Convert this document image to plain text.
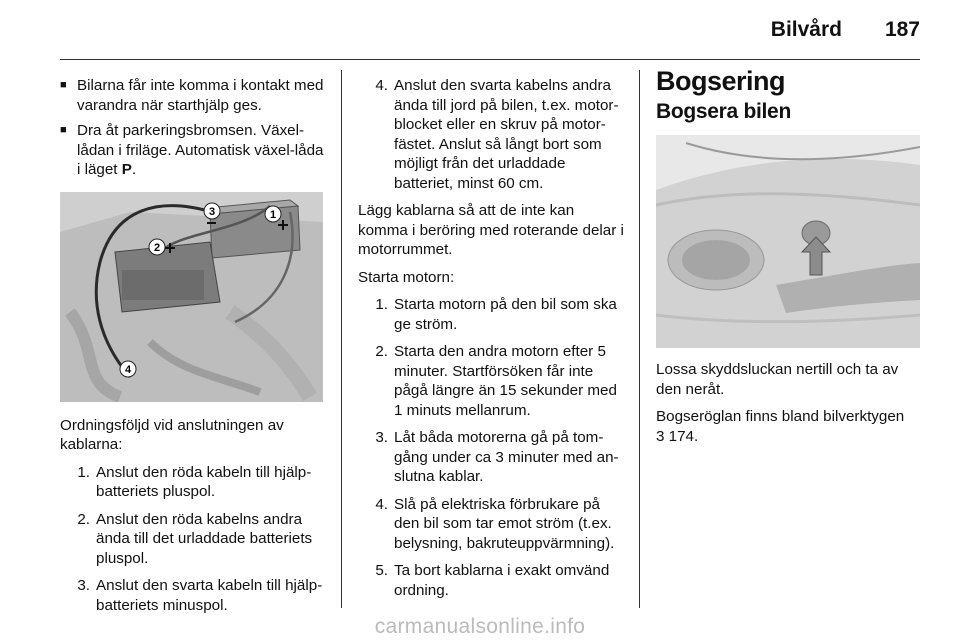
Bilvård 187
■ Bilarna får inte komma i kontakt med varandra när starthjälp ges.
■ Dra åt parkeringsbromsen. Växel-lådan i friläge. Automatisk växel-låda i läget P.
3	1
2
4

Ordningsföljd vid anslutningen av kablarna:

1. Anslut den röda kabeln till hjälp-batteriets pluspol.
2. Anslut den röda kabelns andra ända till det urladdade batteriets pluspol.
3. Anslut den svarta kabeln till hjälp-batteriets minuspol.
4. Anslut den svarta kabelns andra ända till jord på bilen, t.ex. motor-blocket eller en skruv på motor-fästet. Anslut så långt bort som möjligt från det urladdade batteriet, minst 60 cm.

Lägg kablarna så att de inte kan komma i beröring med roterande delar i motorrummet.

Starta motorn:

1. Starta motorn på den bil som ska ge ström.
2. Starta den andra motorn efter 5 minuter. Startförsöken får inte pågå längre än 15 sekunder med 1 minuts mellanrum.
3. Låt båda motorerna gå på tom-gång under ca 3 minuter med an-slutna kablar.
4. Slå på elektriska förbrukare på den bil som tar emot ström (t.ex. belysning, bakruteuppvärmning).
5. Ta bort kablarna i exakt omvänd ordning.
Bogsering
Bogsera bilen

Lossa skyddsluckan nertill och ta av den neråt.

Bogseröglan finns bland bilverktygen
3 174.

carmanualsonline.info
